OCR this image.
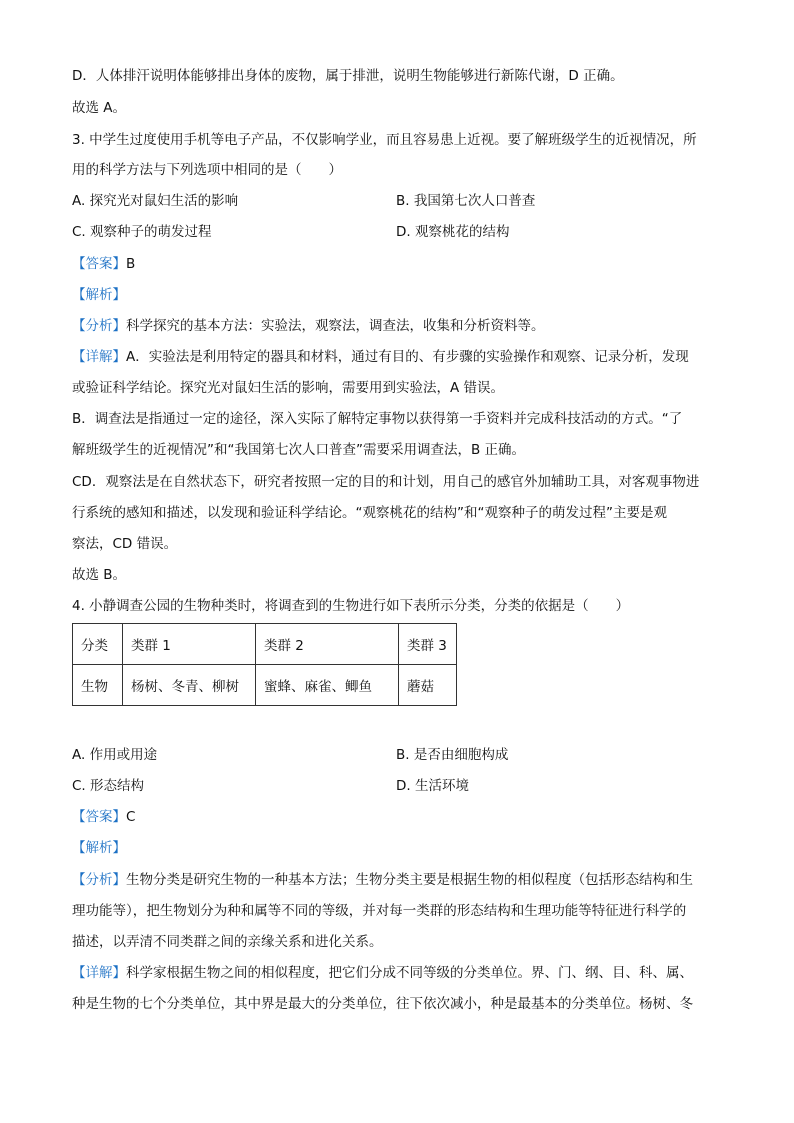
D．人体排汗说明体能够排出身体的废物，属于排泄，说明生物能够进行新陈代谢，D 正确。
故选 A。
3. 中学生过度使用手机等电子产品，不仅影响学业，而且容易患上近视。要了解班级学生的近视情况，所
用的科学方法与下列选项中相同的是（　　）
A. 探究光对鼠妇生活的影响	B. 我国第七次人口普查
C. 观察种子的萌发过程	D. 观察桃花的结构
【答案】B
【解析】
【分析】科学探究的基本方法：实验法，观察法，调查法，收集和分析资料等。
【详解】A．实验法是利用特定的器具和材料，通过有目的、有步骤的实验操作和观察、记录分析，发现
或验证科学结论。探究光对鼠妇生活的影响，需要用到实验法，A 错误。
B．调查法是指通过一定的途径，深入实际了解特定事物以获得第一手资料并完成科技活动的方式。“了
解班级学生的近视情况”和“我国第七次人口普查”需要采用调查法，B 正确。
CD．观察法是在自然状态下，研究者按照一定的目的和计划，用自己的感官外加辅助工具，对客观事物进
行系统的感知和描述，以发现和验证科学结论。“观察桃花的结构”和“观察种子的萌发过程”主要是观
察法，CD 错误。
故选 B。
4. 小静调查公园的生物种类时，将调查到的生物进行如下表所示分类，分类的依据是（　　）
分类	类群 1	类群 2	类群 3
生物	杨树、冬青、柳树	蜜蜂、麻雀、鲫鱼	蘑菇
A. 作用或用途	B. 是否由细胞构成
C. 形态结构	D. 生活环境
【答案】C
【解析】
【分析】生物分类是研究生物的一种基本方法；生物分类主要是根据生物的相似程度（包括形态结构和生
理功能等），把生物划分为种和属等不同的等级，并对每一类群的形态结构和生理功能等特征进行科学的
描述，以弄清不同类群之间的亲缘关系和进化关系。
【详解】科学家根据生物之间的相似程度，把它们分成不同等级的分类单位。界、门、纲、目、科、属、
种是生物的七个分类单位，其中界是最大的分类单位，往下依次减小，种是最基本的分类单位。杨树、冬
